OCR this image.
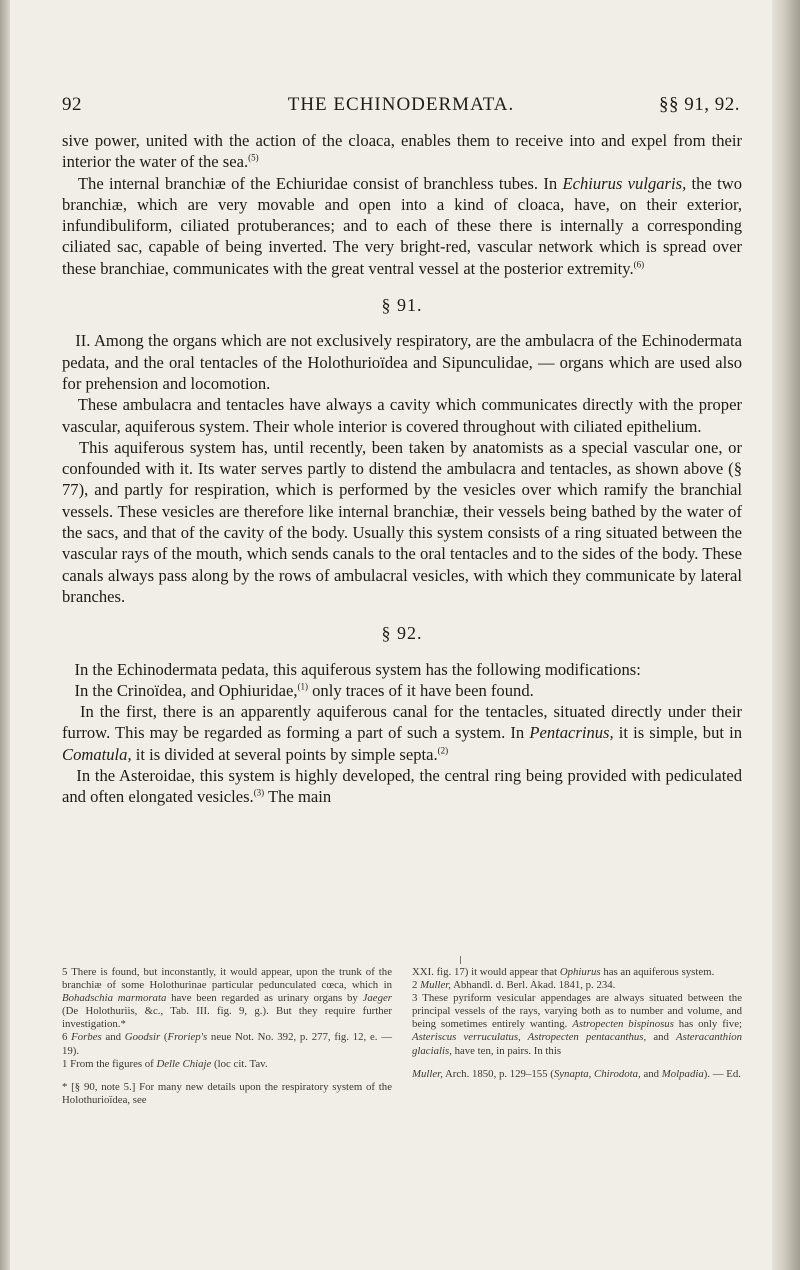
92	THE ECHINODERMATA.	§§ 91, 92.

sive power, united with the action of the cloaca, enables them to receive into and expel from their interior the water of the sea.$^{(5)}$

The internal branchiæ of the Echiuridae consist of branchless tubes. In Echiurus vulgaris, the two branchiæ, which are very movable and open into a kind of cloaca, have, on their exterior, infundibuliform, ciliated protuberances; and to each of these there is internally a corresponding ciliated sac, capable of being inverted. The very bright-red, vascular network which is spread over these branchiae, communicates with the great ventral vessel at the posterior extremity.$^{(6)}$

§ 91.

II. Among the organs which are not exclusively respiratory, are the ambulacra of the Echinodermata pedata, and the oral tentacles of the Holothurioïdea and Sipunculidae, — organs which are used also for prehension and locomotion.

These ambulacra and tentacles have always a cavity which communicates directly with the proper vascular, aquiferous system. Their whole interior is covered throughout with ciliated epithelium.

This aquiferous system has, until recently, been taken by anatomists as a special vascular one, or confounded with it. Its water serves partly to distend the ambulacra and tentacles, as shown above (§ 77), and partly for respiration, which is performed by the vesicles over which ramify the branchial vessels. These vesicles are therefore like internal branchiæ, their vessels being bathed by the water of the sacs, and that of the cavity of the body. Usually this system consists of a ring situated between the vascular rays of the mouth, which sends canals to the oral tentacles and to the sides of the body. These canals always pass along by the rows of ambulacral vesicles, with which they communicate by lateral branches.

§ 92.

In the Echinodermata pedata, this aquiferous system has the following modifications:

In the Crinoïdea, and Ophiuridae,$^{(1)}$ only traces of it have been found.

In the first, there is an apparently aquiferous canal for the tentacles, situated directly under their furrow. This may be regarded as forming a part of such a system. In Pentacrinus, it is simple, but in Comatula, it is divided at several points by simple septa.$^{(2)}$

In the Asteroidae, this system is highly developed, the central ring being provided with pediculated and often elongated vesicles.$^{(3)}$ The main

5 There is found, but inconstantly, it would appear, upon the trunk of the branchiæ of some Holothurinae particular pedunculated cœca, which in Bohadschia marmorata have been regarded as urinary organs by Jaeger (De Holothuriis, &c., Tab. III. fig. 9, g.). But they require further investigation.*

6 Forbes and Goodsir (Froriep's neue Not. No. 392, p. 277, fig. 12, e. — 19).

1 From the figures of Delle Chiaje (loc cit. Tav.

* [§ 90, note 5.] For many new details upon the respiratory system of the Holothurioïdea, see

XXI. fig. 17) it would appear that Ophiurus has an aquiferous system.

2 Muller, Abhandl. d. Berl. Akad. 1841, p. 234.

3 These pyriform vesicular appendages are always situated between the principal vessels of the rays, varying both as to number and volume, and being sometimes entirely wanting. Astropecten bispinosus has only five; Asteriscus verruculatus, Astropecten pentacanthus, and Asteracanthion glacialis, have ten, in pairs. In this

Muller, Arch. 1850, p. 129–155 (Synapta, Chirodota, and Molpadia). — Ed.
